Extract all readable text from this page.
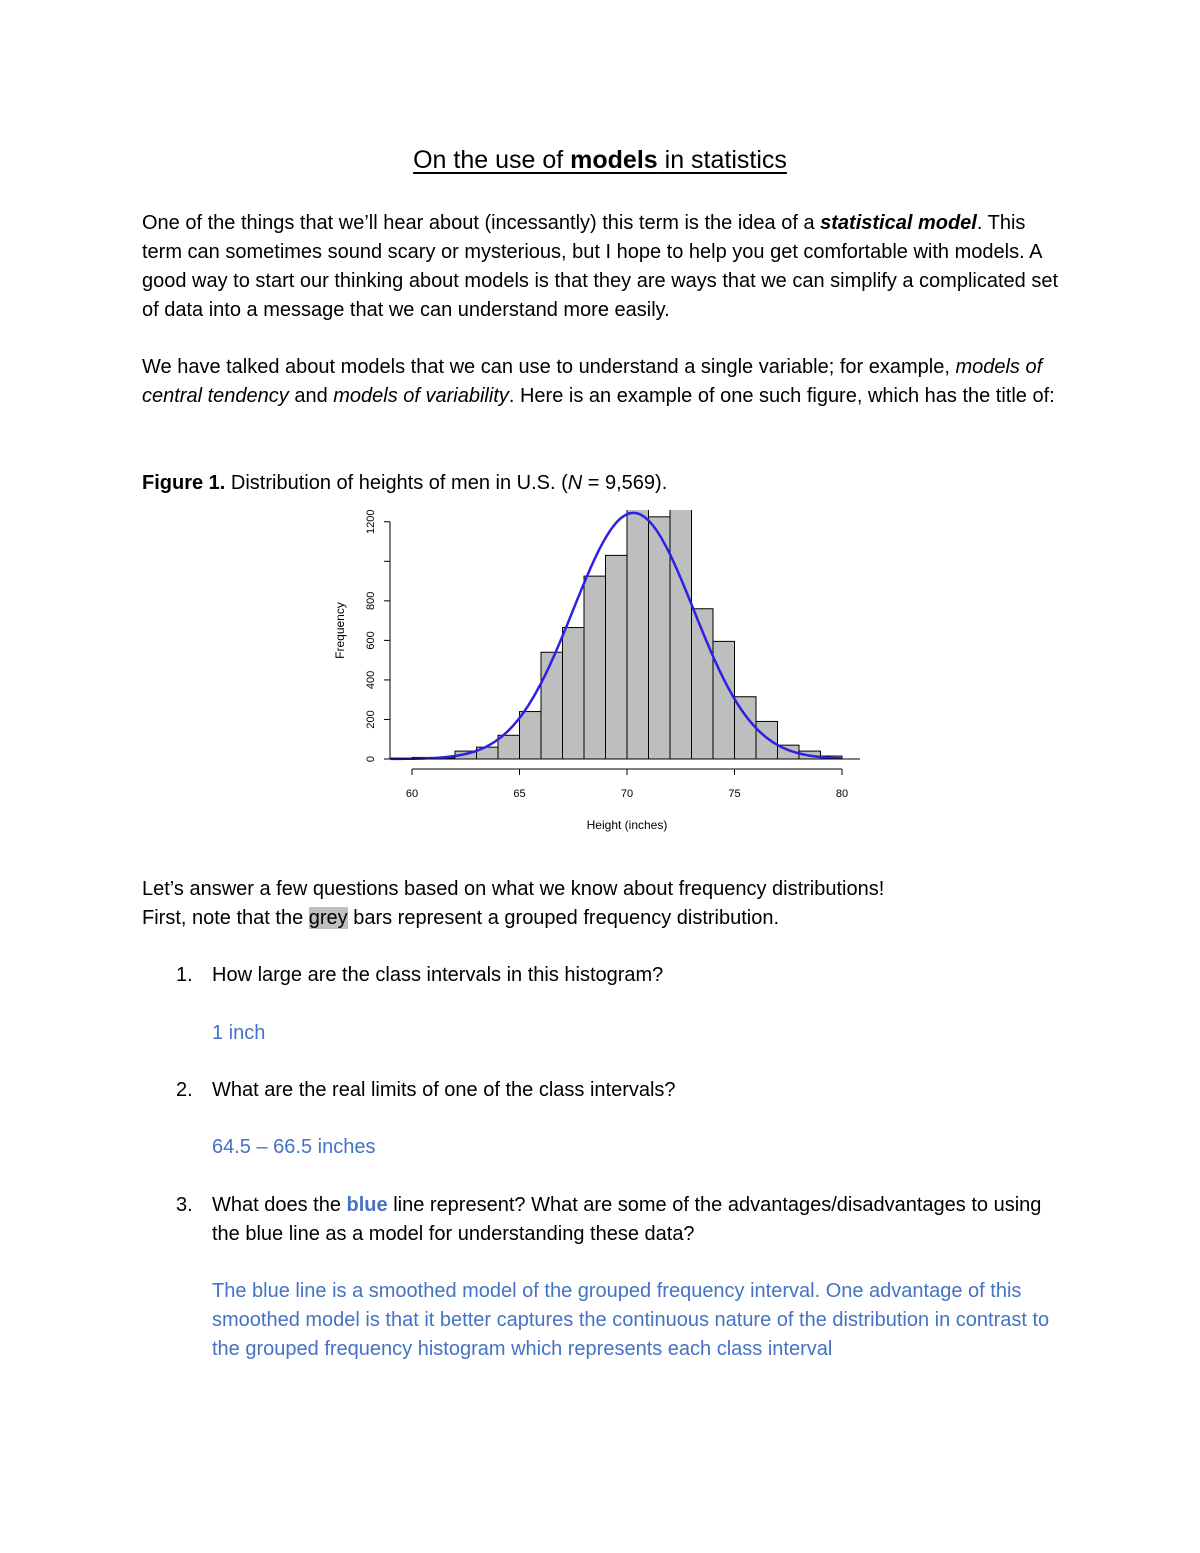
On the use of models in statistics
One of the things that we’ll hear about (incessantly) this term is the idea of a statistical model. This term can sometimes sound scary or mysterious, but I hope to help you get comfortable with models. A good way to start our thinking about models is that they are ways that we can simplify a complicated set of data into a message that we can understand more easily.
We have talked about models that we can use to understand a single variable; for example, models of central tendency and models of variability. Here is an example of one such figure, which has the title of:
Figure 1. Distribution of heights of men in U.S. (N = 9,569).
60	65	70	75	80
0
200
400
600
800
1200
Height (inches)
Frequency
Let’s answer a few questions based on what we know about frequency distributions!
First, note that the grey bars represent a grouped frequency distribution.
1. How large are the class intervals in this histogram?
1 inch
2. What are the real limits of one of the class intervals?
64.5 – 66.5 inches
3. What does the blue line represent? What are some of the advantages/disadvantages to using the blue line as a model for understanding these data?
The blue line is a smoothed model of the grouped frequency interval. One advantage of this smoothed model is that it better captures the continuous nature of the distribution in contrast to the grouped frequency histogram which represents each class interval
